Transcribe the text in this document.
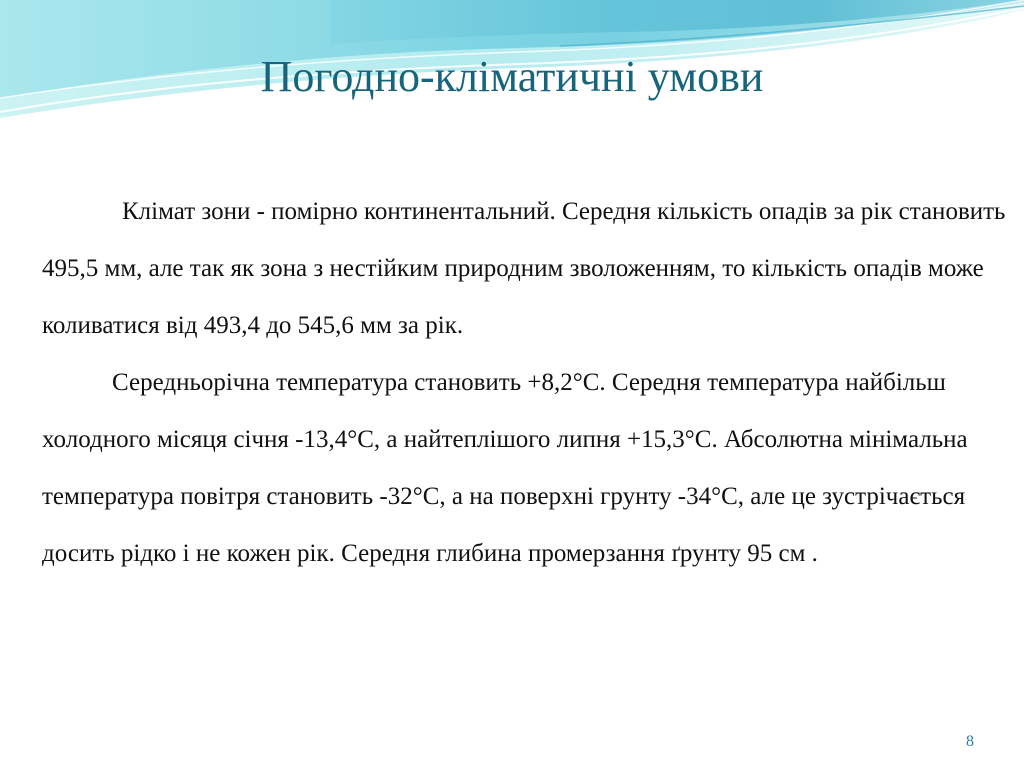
Погодно-кліматичні умови

Клімат зони - помірно континентальний. Середня кількість опадів за рік становить 495,5 мм, але так як зона з нестійким природним зволоженням, то кількість опадів може коливатися від 493,4 до 545,6 мм за рік.

Середньорічна температура становить +8,2°С. Середня температура найбільш холодного місяця січня -13,4°С, а найтеплішого липня +15,3°С. Абсолютна мінімальна температура повітря становить -32°С, а на поверхні грунту -34°С, але це зустрічається досить рідко і не кожен рік. Середня глибина промерзання ґрунту 95 см .

8
